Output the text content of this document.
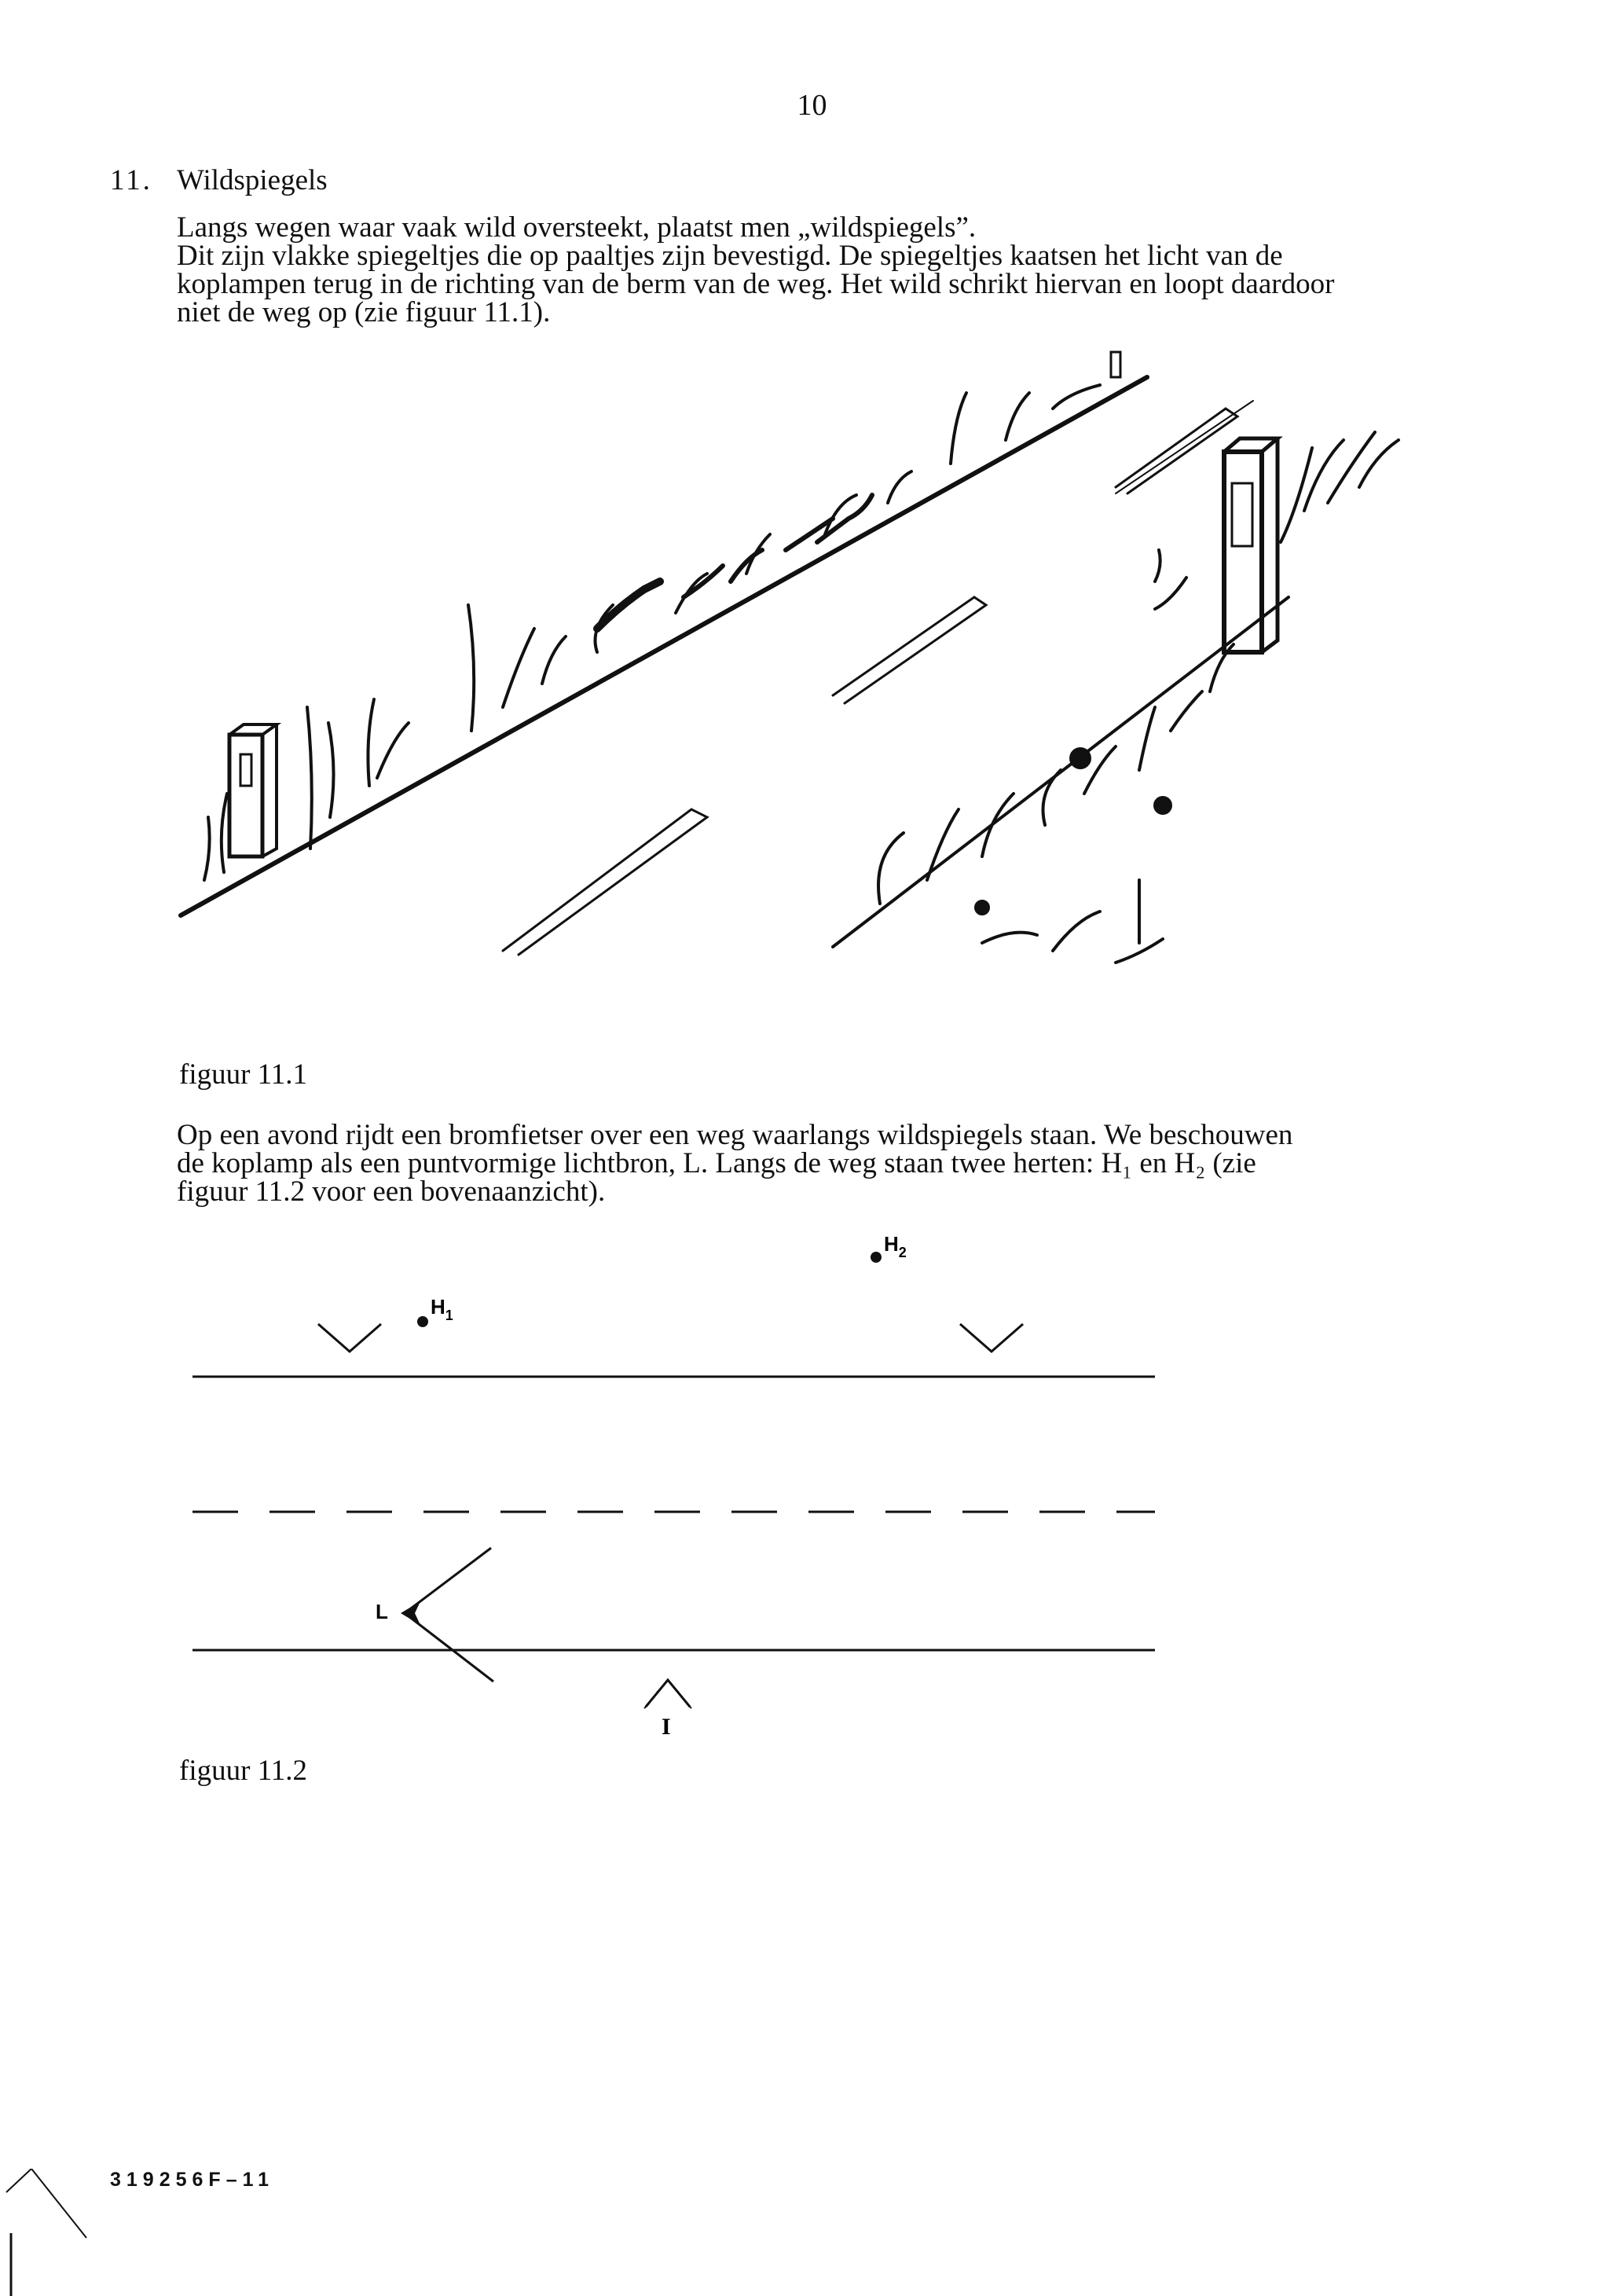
10
11. Wildspiegels
Langs wegen waar vaak wild oversteekt, plaatst men „wildspiegels”.
Dit zijn vlakke spiegeltjes die op paaltjes zijn bevestigd. De spiegeltjes kaatsen het licht van de
koplampen terug in de richting van de berm van de weg. Het wild schrikt hiervan en loopt daardoor
niet de weg op (zie figuur 11.1).
figuur 11.1
Op een avond rijdt een bromfietser over een weg waarlangs wildspiegels staan. We beschouwen
de koplamp als een puntvormige lichtbron, L. Langs de weg staan twee herten: H₁ en H₂ (zie
figuur 11.2 voor een bovenaanzicht).
$H_1$
$H_2$
L
I
figuur 11.2
319256F–11
